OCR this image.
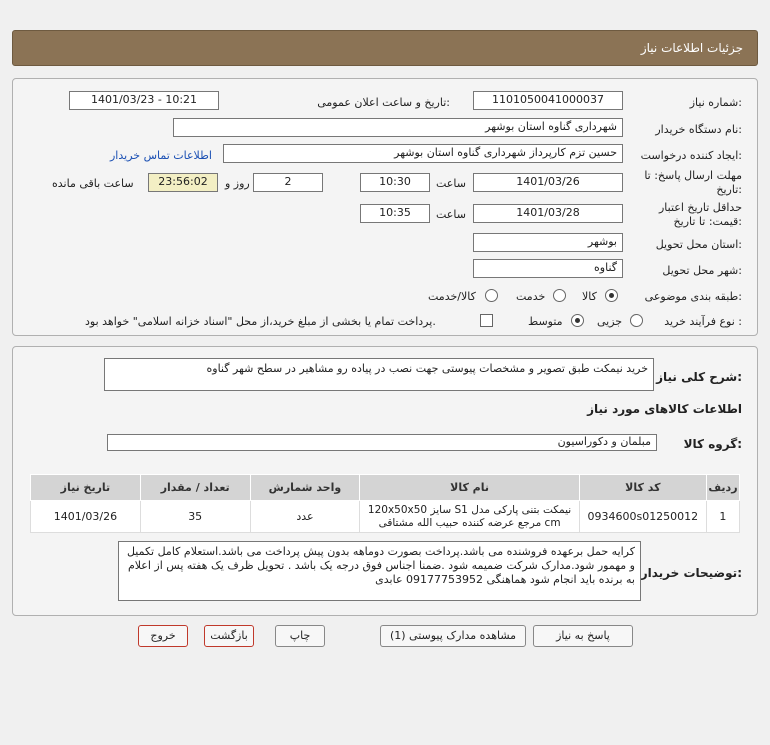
جزئیات اطلاعات نیاز
شماره نیاز:
1101050041000037
تاریخ و ساعت اعلان عمومی:
1401/03/23 - 10:21
نام دستگاه خریدار:
شهرداری گناوه استان بوشهر
ایجاد کننده درخواست:
حسین تزم کارپرداز شهرداری گناوه استان بوشهر
اطلاعات تماس خریدار
مهلت ارسال پاسخ: تا
تاریخ:
1401/03/26
ساعت
10:30
2
روز و
23:56:02
ساعت باقی مانده
حداقل تاریخ اعتبار
قیمت: تا تاریخ:
1401/03/28
ساعت
10:35
استان محل تحویل:
بوشهر
شهر محل تحویل:
گناوه
طبقه بندی موضوعی:
کالا
خدمت
کالا/خدمت
نوع فرآیند خرید :
جزیی
متوسط
پرداخت تمام یا بخشی از مبلغ خرید،از محل "اسناد خزانه اسلامی" خواهد بود.
شرح کلی نیاز:
خرید نیمکت طبق تصویر و مشخصات پیوستی جهت نصب در پیاده رو مشاهیر در سطح شهر گناوه
اطلاعات کالاهای مورد نیاز
گروه کالا:
مبلمان و دکوراسیون
ردیف	کد کالا	نام کالا	واحد شمارش	تعداد / مقدار	تاریخ نیاز
1	0934600s01250012	نیمکت بتنی پارکی مدل S1 سایز 120x50x50 cm مرجع عرضه کننده حبیب الله مشتاقی	عدد	35	1401/03/26
توضیحات خریدار:
کرایه حمل برعهده فروشنده می باشد.پرداخت بصورت دوماهه بدون پیش پرداخت می باشد.استعلام کامل تکمیل و مهمور شود.مدارک شرکت ضمیمه شود .ضمنا اجناس فوق درجه یک باشد . تحویل ظرف یک هفته پس از اعلام به برنده باید انجام شود هماهنگی 09177753952 عابدی
پاسخ به نیاز
مشاهده مدارک پیوستی (1)
چاپ
بازگشت
خروج
